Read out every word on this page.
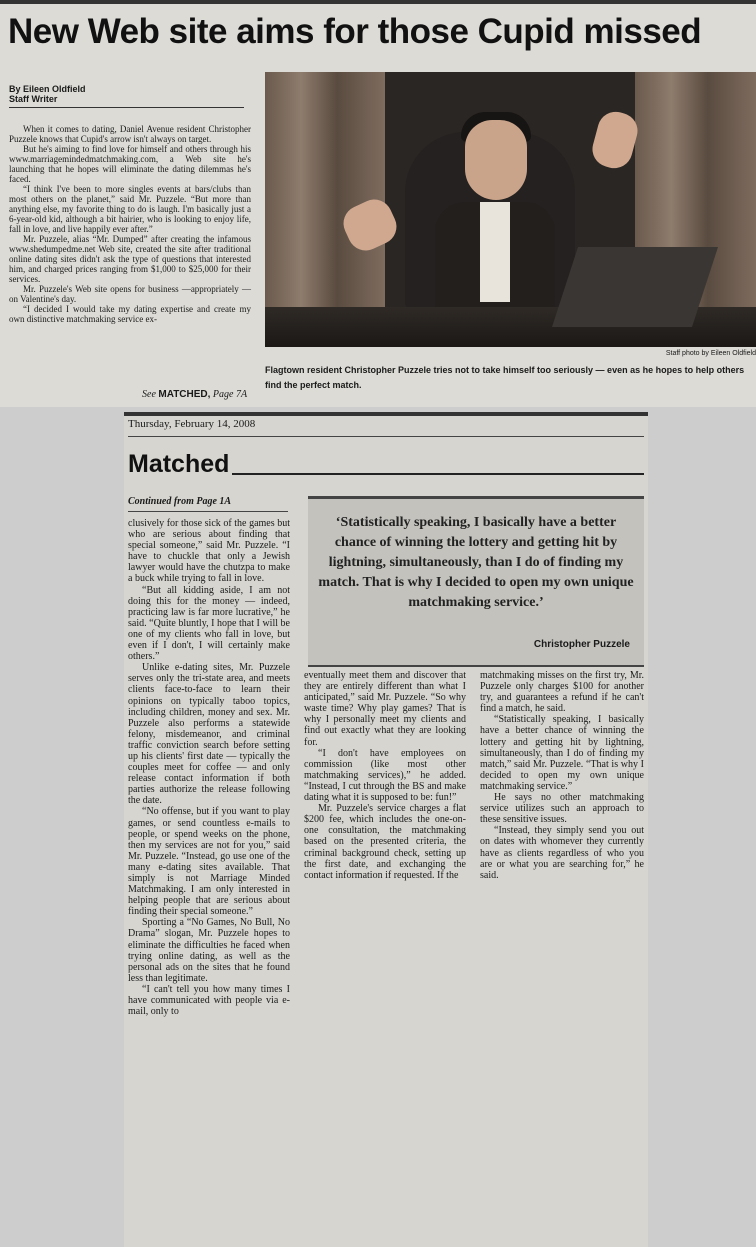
New Web site aims for those Cupid missed
By Eileen Oldfield
Staff Writer

When it comes to dating, Daniel Avenue resident Christopher Puzzele knows that Cupid's arrow isn't always on target.

But he's aiming to find love for himself and others through his www.marriagemindedmatchmaking.com, a Web site he's launching that he hopes will eliminate the dating dilemmas he's faced.

“I think I've been to more singles events at bars/clubs than most others on the planet,” said Mr. Puzzele. “But more than anything else, my favorite thing to do is laugh. I'm basically just a 6-year-old kid, although a bit hairier, who is looking to enjoy life, fall in love, and live happily ever after.”

Mr. Puzzele, alias “Mr. Dumped” after creating the infamous www.shedumpedme.net Web site, created the site after traditional online dating sites didn't ask the type of questions that interested him, and charged prices ranging from $1,000 to $25,000 for their services.

Mr. Puzzele's Web site opens for business —appropriately — on Valentine's day.

“I decided I would take my dating expertise and create my own distinctive matchmaking service ex-

See MATCHED, Page 7A
Staff photo by Eileen Oldfield
Flagtown resident Christopher Puzzele tries not to take himself too seriously — even as he hopes to help others find the perfect match.
Thursday, February 14, 2008
Matched
Continued from Page 1A
‘Statistically speaking, I basically have a better chance of winning the lottery and getting hit by lightning, simultaneously, than I do of finding my match. That is why I decided to open my own unique matchmaking service.’
Christopher Puzzele

clusively for those sick of the games but who are serious about finding that special someone,” said Mr. Puzzele. “I have to chuckle that only a Jewish lawyer would have the chutzpa to make a buck while trying to fall in love.

“But all kidding aside, I am not doing this for the money — indeed, practicing law is far more lucrative,” he said. “Quite bluntly, I hope that I will be one of my clients who fall in love, but even if I don't, I will certainly make others.”

Unlike e-dating sites, Mr. Puzzele serves only the tri-state area, and meets clients face-to-face to learn their opinions on typically taboo topics, including children, money and sex. Mr. Puzzele also performs a statewide felony, misdemeanor, and criminal traffic conviction search before setting up his clients' first date — typically the couples meet for coffee — and only release contact information if both parties authorize the release following the date.

“No offense, but if you want to play games, or send countless e-mails to people, or spend weeks on the phone, then my services are not for you,” said Mr. Puzzele. “Instead, go use one of the many e-dating sites available. That simply is not Marriage Minded Matchmaking. I am only interested in helping people that are serious about finding their special someone.”

Sporting a “No Games, No Bull, No Drama” slogan, Mr. Puzzele hopes to eliminate the difficulties he faced when trying online dating, as well as the personal ads on the sites that he found less than legitimate.

“I can't tell you how many times I have communicated with people via e-mail, only to

eventually meet them and discover that they are entirely different than what I anticipated,” said Mr. Puzzele. “So why waste time? Why play games? That is why I personally meet my clients and find out exactly what they are looking for.

“I don't have employees on commission (like most other matchmaking services),” he added. “Instead, I cut through the BS and make dating what it is supposed to be: fun!”

Mr. Puzzele's service charges a flat $200 fee, which includes the one-on-one consultation, the matchmaking based on the presented criteria, the criminal background check, setting up the first date, and exchanging the contact information if requested. If the

matchmaking misses on the first try, Mr. Puzzele only charges $100 for another try, and guarantees a refund if he can't find a match, he said.

“Statistically speaking, I basically have a better chance of winning the lottery and getting hit by lightning, simultaneously, than I do of finding my match,” said Mr. Puzzele. “That is why I decided to open my own unique matchmaking service.”

He says no other matchmaking service utilizes such an approach to these sensitive issues.

“Instead, they simply send you out on dates with whomever they currently have as clients regardless of who you are or what you are searching for,” he said.
